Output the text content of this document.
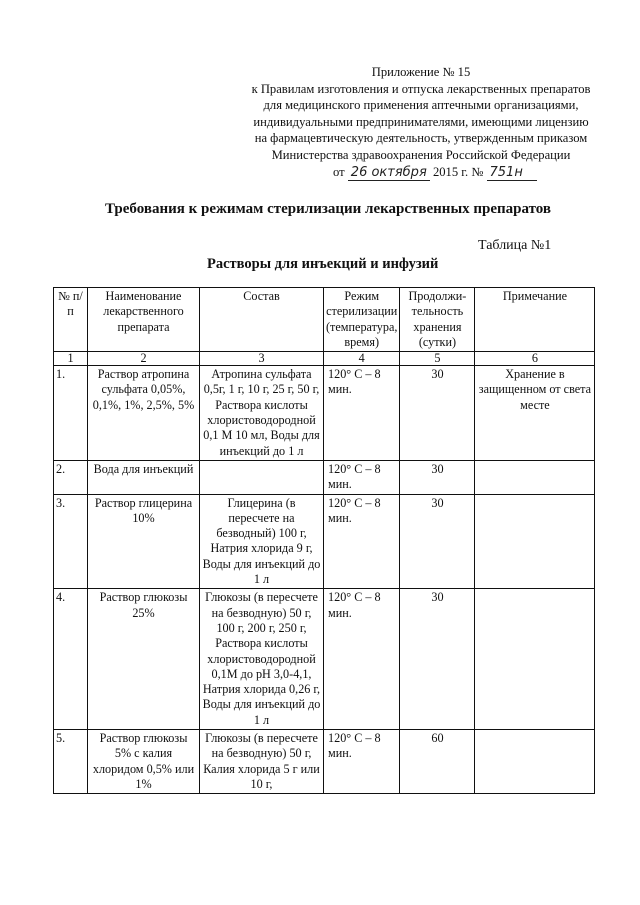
Приложение № 15
к Правилам изготовления и отпуска лекарственных препаратов
для медицинского применения аптечными организациями,
индивидуальными предпринимателями, имеющими лицензию
на фармацевтическую деятельность, утвержденным приказом
Министерства здравоохранения Российской Федерации
от 26 октября 2015 г. № 751н
Требования к режимам стерилизации лекарственных препаратов
Таблица №1
Растворы для инъекций и инфузий
№ п/п	Наименование лекарственного препарата	Состав	Режим стерилизации (температура, время)	Продолжи-тельность хранения (сутки)	Примечание
1	2	3	4	5	6
1.	Раствор атропина сульфата 0,05%, 0,1%, 1%, 2,5%, 5%	Атропина сульфата 0,5г, 1 г, 10 г, 25 г, 50 г, Раствора кислоты хлористоводородной 0,1 М 10 мл, Воды для инъекций до 1 л	120° С – 8 мин.	30	Хранение в защищенном от света месте
2.	Вода для инъекций		120° С – 8 мин.	30	
3.	Раствор глицерина 10%	Глицерина (в пересчете на безводный) 100 г, Натрия хлорида 9 г, Воды для инъекций до 1 л	120° С – 8 мин.	30	
4.	Раствор глюкозы 25%	Глюкозы (в пересчете на безводную) 50 г, 100 г, 200 г, 250 г, Раствора кислоты хлористоводородной 0,1М до рН 3,0-4,1, Натрия хлорида 0,26 г, Воды для инъекций до 1 л	120° С – 8 мин.	30	
5.	Раствор глюкозы 5% с калия хлоридом 0,5% или 1%	Глюкозы (в пересчете на безводную) 50 г, Калия хлорида 5 г или 10 г,	120° С – 8 мин.	60	
